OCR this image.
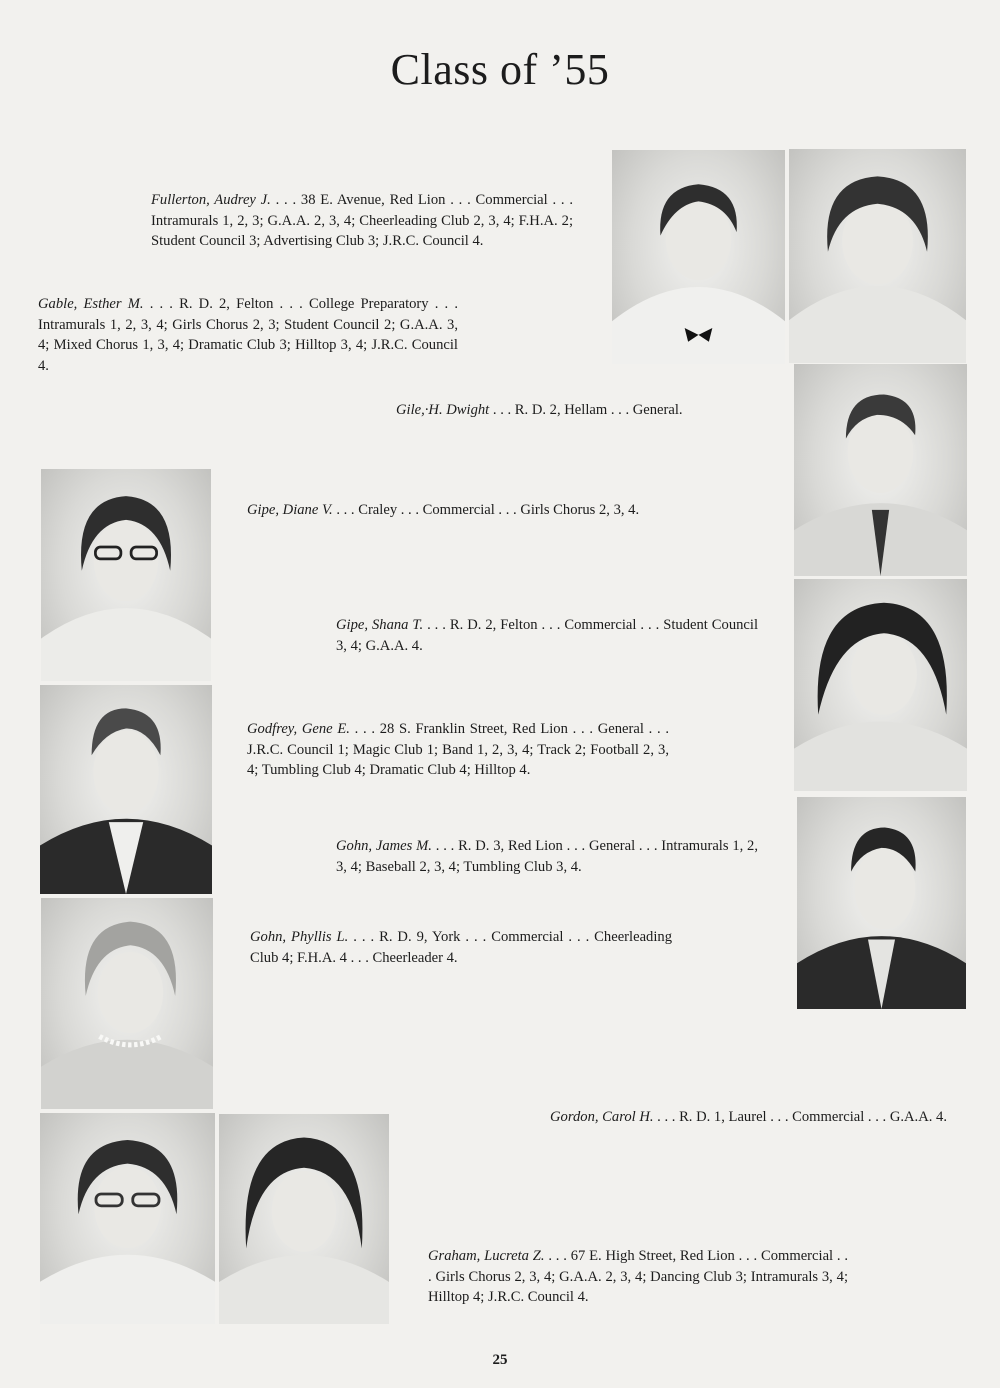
Class of ’55

Fullerton, Audrey J. . . . 38 E. Avenue, Red Lion . . . Commercial . . . Intramurals 1, 2, 3; G.A.A. 2, 3, 4; Cheerleading Club 2, 3, 4; F.H.A. 2; Student Council 3; Advertising Club 3; J.R.C. Council 4.

Gable, Esther M. . . . R. D. 2, Felton . . . College Preparatory . . . Intramurals 1, 2, 3, 4; Girls Chorus 2, 3; Student Council 2; G.A.A. 3, 4; Mixed Chorus 1, 3, 4; Dramatic Club 3; Hilltop 3, 4; J.R.C. Council 4.

Gile,·H. Dwight . . . R. D. 2, Hellam . . . General.

Gipe, Diane V. . . . Craley . . . Commercial . . . Girls Chorus 2, 3, 4.

Gipe, Shana T. . . . R. D. 2, Felton . . . Commercial . . . Student Council 3, 4; G.A.A. 4.

Godfrey, Gene E. . . . 28 S. Franklin Street, Red Lion . . . General . . . J.R.C. Council 1; Magic Club 1; Band 1, 2, 3, 4; Track 2; Football 2, 3, 4; Tumbling Club 4; Dramatic Club 4; Hilltop 4.

Gohn, James M. . . . R. D. 3, Red Lion . . . General . . . Intramurals 1, 2, 3, 4; Baseball 2, 3, 4; Tumbling Club 3, 4.

Gohn, Phyllis L. . . . R. D. 9, York . . . Commercial . . . Cheerleading Club 4; F.H.A. 4 . . . Cheerleader 4.

Gordon, Carol H. . . . R. D. 1, Laurel . . . Commercial . . . G.A.A. 4.

Graham, Lucreta Z. . . . 67 E. High Street, Red Lion . . . Commercial . . . Girls Chorus 2, 3, 4; G.A.A. 2, 3, 4; Dancing Club 3; Intramurals 3, 4; Hilltop 4; J.R.C. Council 4.

25
